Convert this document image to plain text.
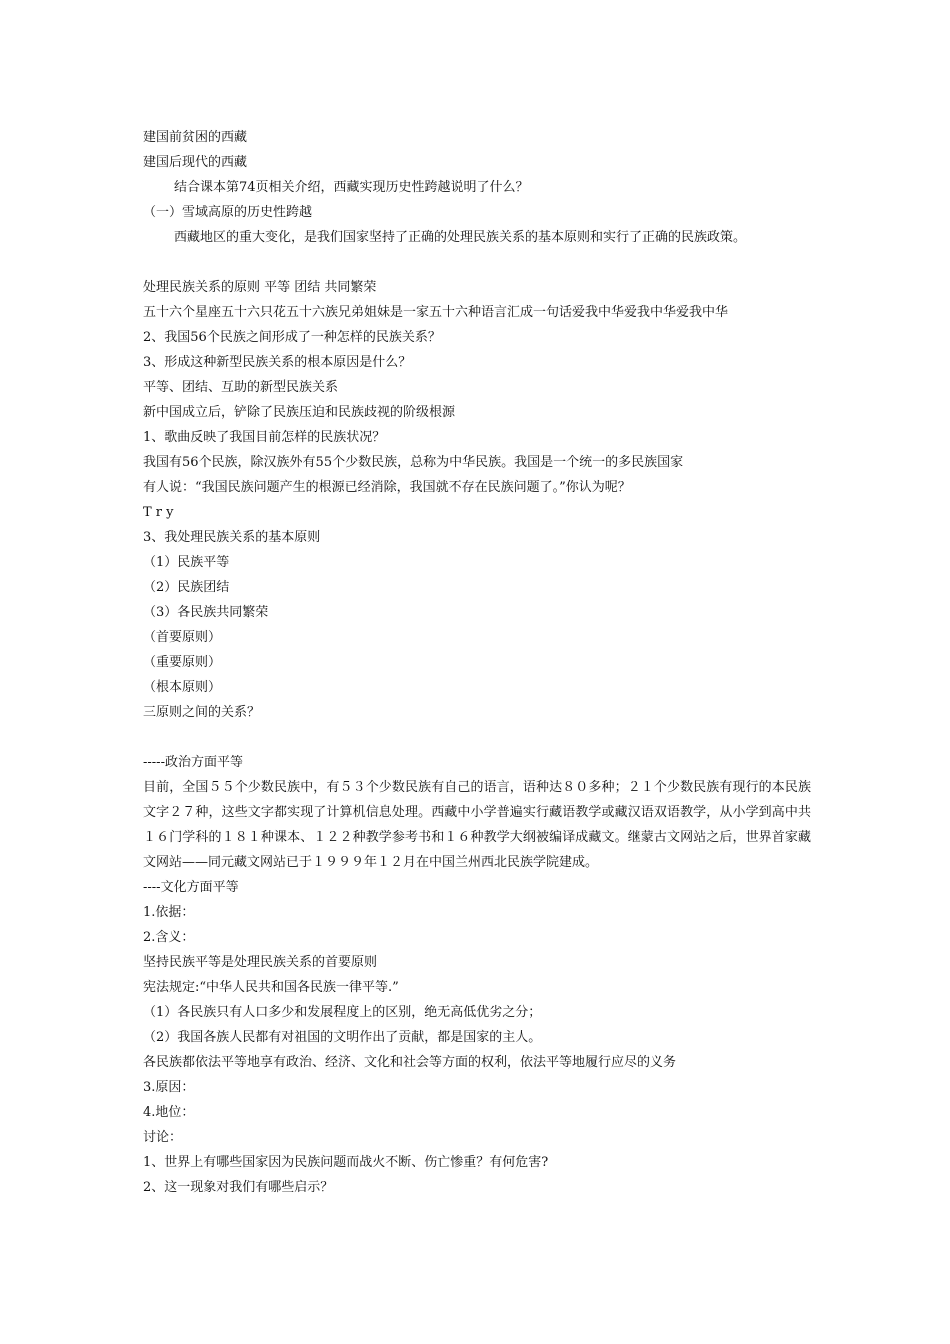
建国前贫困的西藏
建国后现代的西藏
结合课本第74页相关介绍，西藏实现历史性跨越说明了什么？
（一）雪域高原的历史性跨越
西藏地区的重大变化，是我们国家坚持了正确的处理民族关系的基本原则和实行了正确的民族政策。
处理民族关系的原则 平等 团结 共同繁荣
五十六个星座五十六只花五十六族兄弟姐妹是一家五十六种语言汇成一句话爱我中华爱我中华爱我中华
2、我国56个民族之间形成了一种怎样的民族关系？
3、形成这种新型民族关系的根本原因是什么？
平等、团结、互助的新型民族关系
新中国成立后，铲除了民族压迫和民族歧视的阶级根源
1、歌曲反映了我国目前怎样的民族状况？
我国有56个民族，除汉族外有55个少数民族，总称为中华民族。我国是一个统一的多民族国家
有人说：“我国民族问题产生的根源已经消除，我国就不存在民族问题了。”你认为呢？
T r y
3、我处理民族关系的基本原则
（1）民族平等
（2）民族团结
（3）各民族共同繁荣
（首要原则）
（重要原则）
（根本原则）
三原则之间的关系？
-----政治方面平等
目前，全国５５个少数民族中，有５３个少数民族有自己的语言，语种达８０多种；２１个少数民族有现行的本民族文字２７种，这些文字都实现了计算机信息处理。西藏中小学普遍实行藏语教学或藏汉语双语教学，从小学到高中共１６门学科的１８１种课本、１２２种教学参考书和１６种教学大纲被编译成藏文。继蒙古文网站之后，世界首家藏文网站——同元藏文网站已于１９９９年１２月在中国兰州西北民族学院建成。
----文化方面平等
1.依据：
2.含义：
坚持民族平等是处理民族关系的首要原则
宪法规定:“中华人民共和国各民族一律平等.”
（1）各民族只有人口多少和发展程度上的区别，绝无高低优劣之分；
（2）我国各族人民都有对祖国的文明作出了贡献，都是国家的主人。
各民族都依法平等地享有政治、经济、文化和社会等方面的权利，依法平等地履行应尽的义务
3.原因：
4.地位：
讨论：
1、世界上有哪些国家因为民族问题而战火不断、伤亡惨重？有何危害?
2、这一现象对我们有哪些启示？
